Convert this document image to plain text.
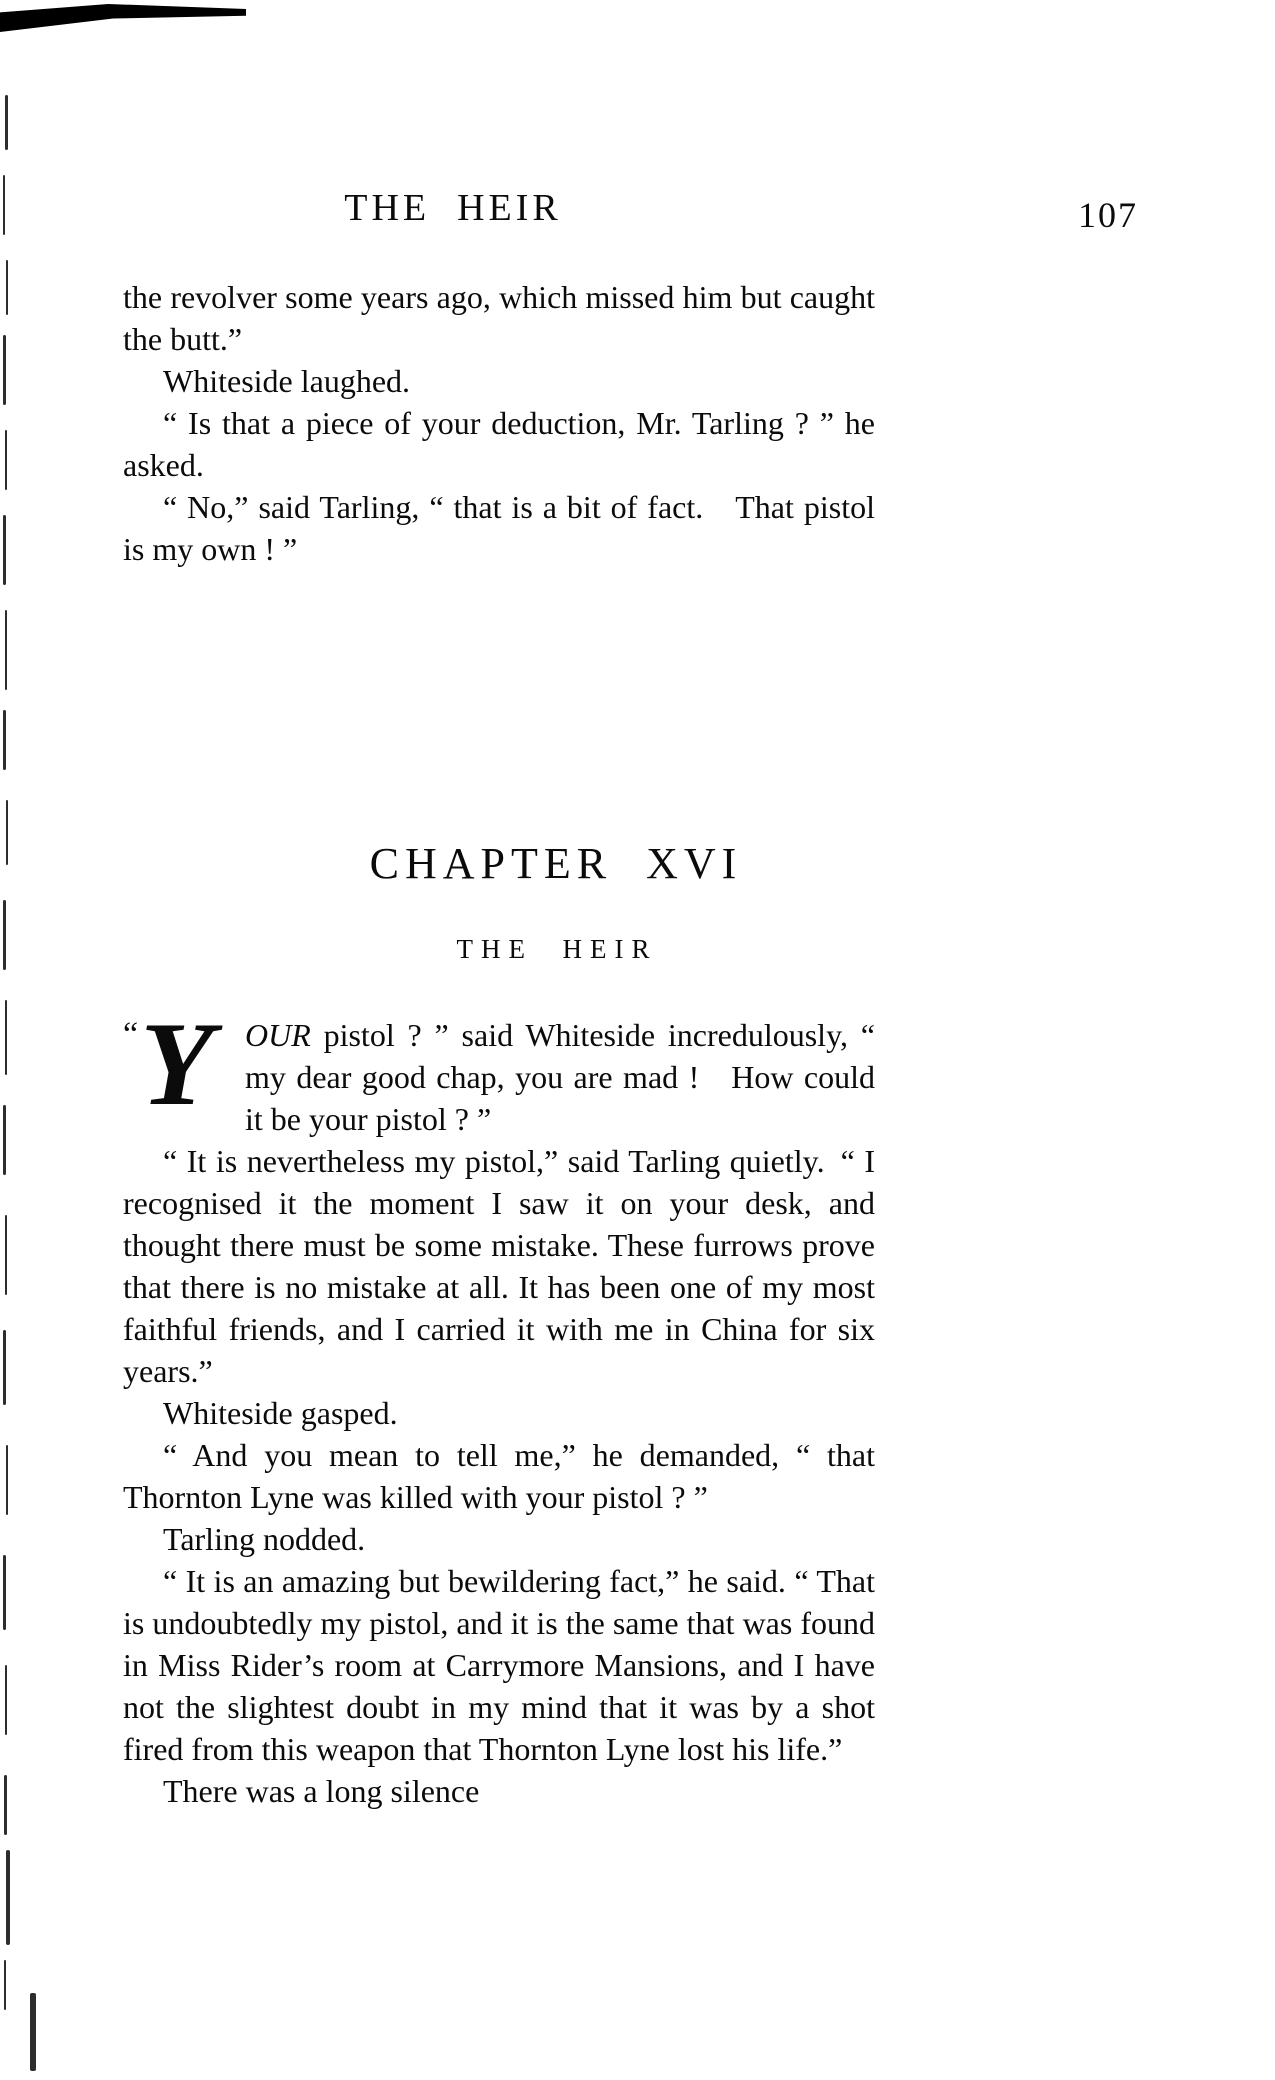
THE  HEIR	107

the revolver some years ago, which missed him but caught the butt.”

Whiteside laughed.

“ Is that a piece of your deduction, Mr. Tarling ? ” he asked.

“ No,” said Tarling, “ that is a bit of fact. That pistol is my own ! ”

CHAPTER  XVI
THE  HEIR

“ Y OUR pistol ? ” said Whiteside incredulously, “ my dear good chap, you are mad ! How could it be your pistol ? ”

“ It is nevertheless my pistol,” said Tarling quietly. “ I recognised it the moment I saw it on your desk, and thought there must be some mistake. These furrows prove that there is no mistake at all. It has been one of my most faithful friends, and I carried it with me in China for six years.”

Whiteside gasped.

“ And you mean to tell me,” he demanded, “ that Thornton Lyne was killed with your pistol ? ”

Tarling nodded.

“ It is an amazing but bewildering fact,” he said. “ That is undoubtedly my pistol, and it is the same that was found in Miss Rider’s room at Carrymore Mansions, and I have not the slightest doubt in my mind that it was by a shot fired from this weapon that Thornton Lyne lost his life.”

There was a long silence
